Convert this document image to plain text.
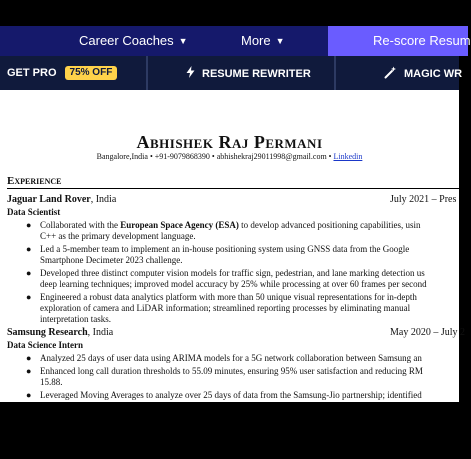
Career Coaches ▼	More ▼	Re-score Resum
GET PRO 75% OFF	RESUME REWRITER	MAGIC WR
Abhishek Raj Permani
Bangalore,India • +91-9079868390 • abhishekraj29011998@gmail.com • Linkedin
Experience
Jaguar Land Rover, India	July 2021 – Pres
Data Scientist
● Collaborated with the European Space Agency (ESA) to develop advanced positioning capabilities, usin
C++ as the primary development language.
● Led a 5-member team to implement an in-house positioning system using GNSS data from the Google
Smartphone Decimeter 2023 challenge.
● Developed three distinct computer vision models for traffic sign, pedestrian, and lane marking detection us
deep learning techniques; improved model accuracy by 25% while processing at over 60 frames per second
● Engineered a robust data analytics platform with more than 50 unique visual representations for in-depth
exploration of camera and LiDAR information; streamlined reporting processes by eliminating manual
interpretation tasks.
Samsung Research, India	May 2020 – July 2
Data Science Intern
● Analyzed 25 days of user data using ARIMA models for a 5G network collaboration between Samsung an
● Enhanced long call duration thresholds to 55.09 minutes, ensuring 95% user satisfaction and reducing RM
15.88.
● Leveraged Moving Averages to analyze over 25 days of data from the Samsung-Jio partnership; identified
